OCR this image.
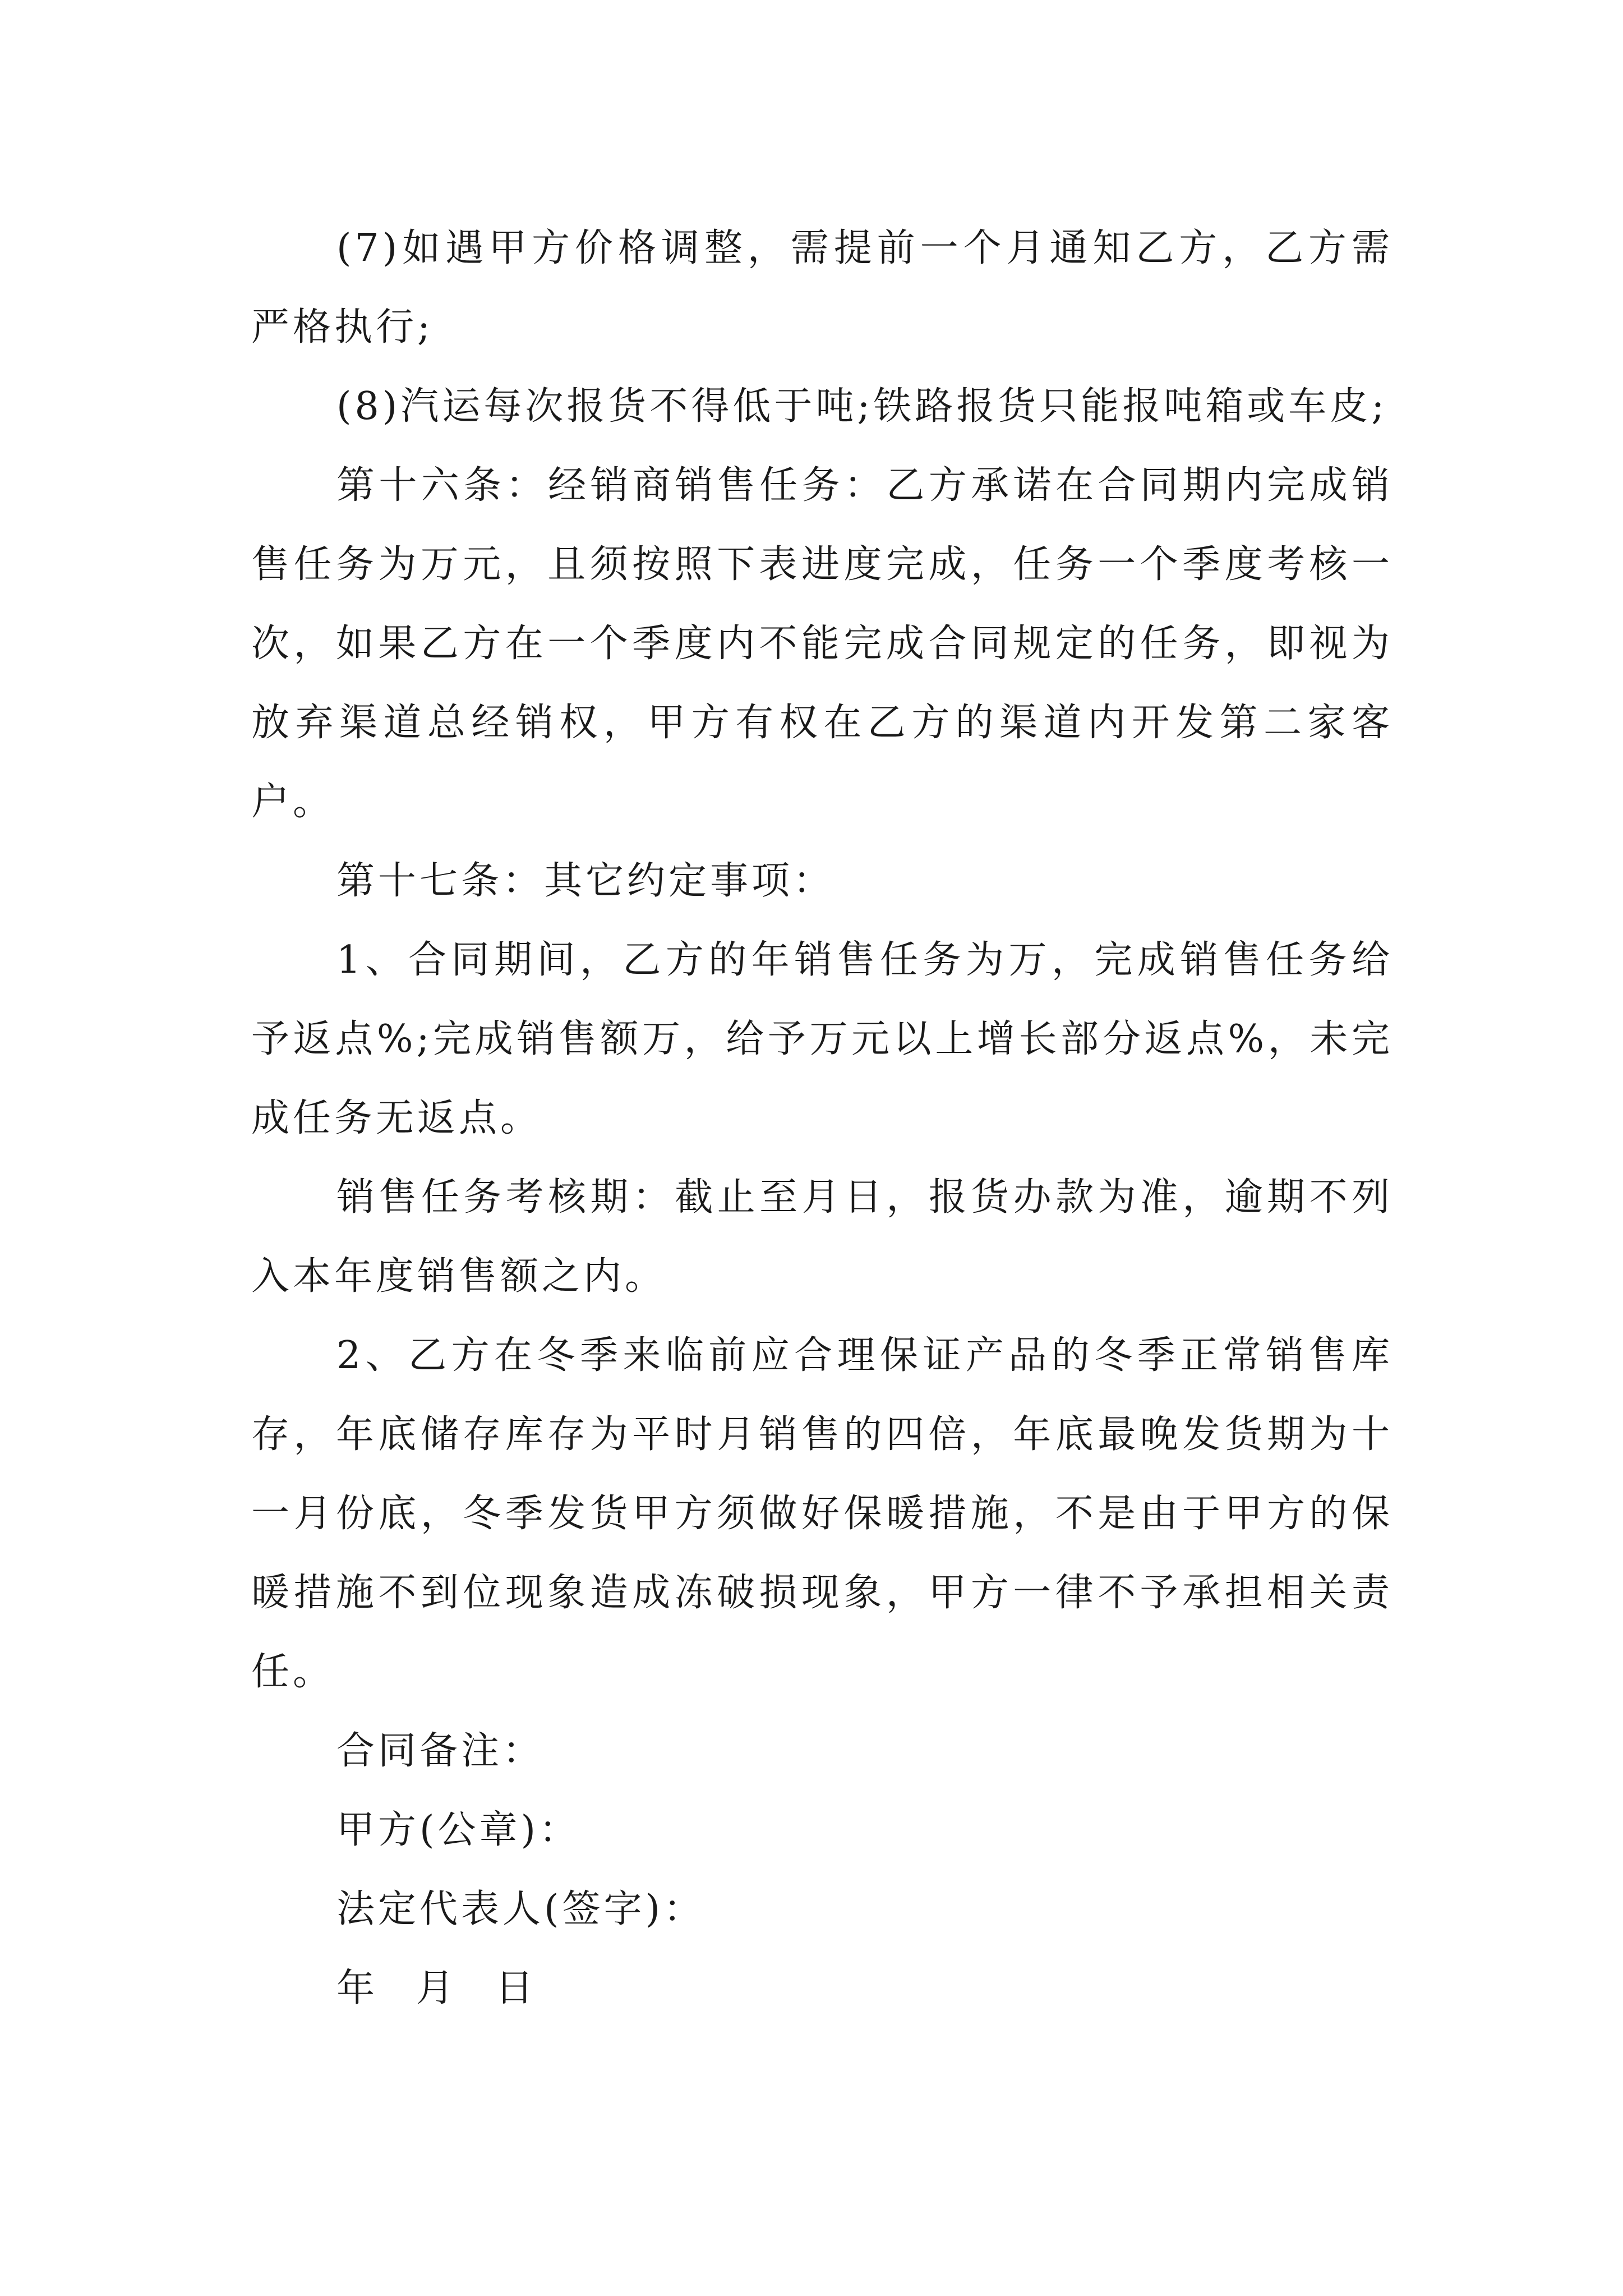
(7)如遇甲方价格调整，需提前一个月通知乙方，乙方需严格执行;

(8)汽运每次报货不得低于吨;铁路报货只能报吨箱或车皮;

第十六条：经销商销售任务：乙方承诺在合同期内完成销售任务为万元，且须按照下表进度完成，任务一个季度考核一次，如果乙方在一个季度内不能完成合同规定的任务，即视为放弃渠道总经销权，甲方有权在乙方的渠道内开发第二家客户。

第十七条：其它约定事项：

1、合同期间，乙方的年销售任务为万，完成销售任务给予返点%;完成销售额万，给予万元以上增长部分返点%，未完成任务无返点。

销售任务考核期：截止至月日，报货办款为准，逾期不列入本年度销售额之内。

2、乙方在冬季来临前应合理保证产品的冬季正常销售库存，年底储存库存为平时月销售的四倍，年底最晚发货期为十一月份底，冬季发货甲方须做好保暖措施，不是由于甲方的保暖措施不到位现象造成冻破损现象，甲方一律不予承担相关责任。

合同备注：

甲方(公章)：

法定代表人(签字)：

年 月 日
